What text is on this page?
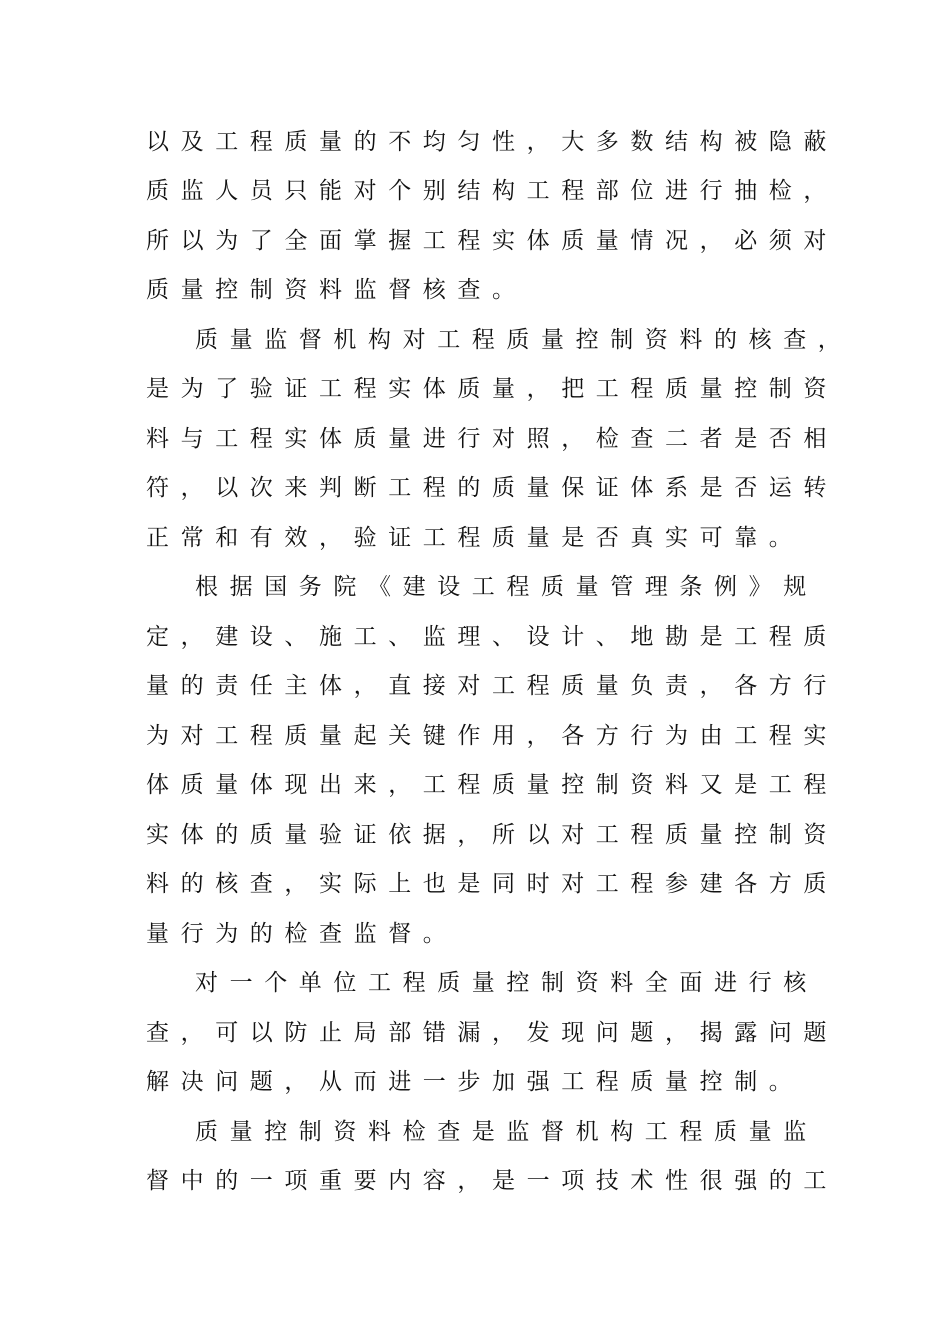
以及工程质量的不均匀性，大多数结构被隐蔽
质监人员只能对个别结构工程部位进行抽检，
所以为了全面掌握工程实体质量情况，必须对
质量控制资料监督核查。
质量监督机构对工程质量控制资料的核查，
是为了验证工程实体质量，把工程质量控制资
料与工程实体质量进行对照，检查二者是否相
符，以次来判断工程的质量保证体系是否运转
正常和有效，验证工程质量是否真实可靠。
根据国务院《建设工程质量管理条例》规
定，建设、施工、监理、设计、地勘是工程质
量的责任主体，直接对工程质量负责，各方行
为对工程质量起关键作用，各方行为由工程实
体质量体现出来，工程质量控制资料又是工程
实体的质量验证依据，所以对工程质量控制资
料的核查，实际上也是同时对工程参建各方质
量行为的检查监督。
对一个单位工程质量控制资料全面进行核
查，可以防止局部错漏，发现问题，揭露问题
解决问题，从而进一步加强工程质量控制。
质量控制资料检查是监督机构工程质量监
督中的一项重要内容，是一项技术性很强的工
